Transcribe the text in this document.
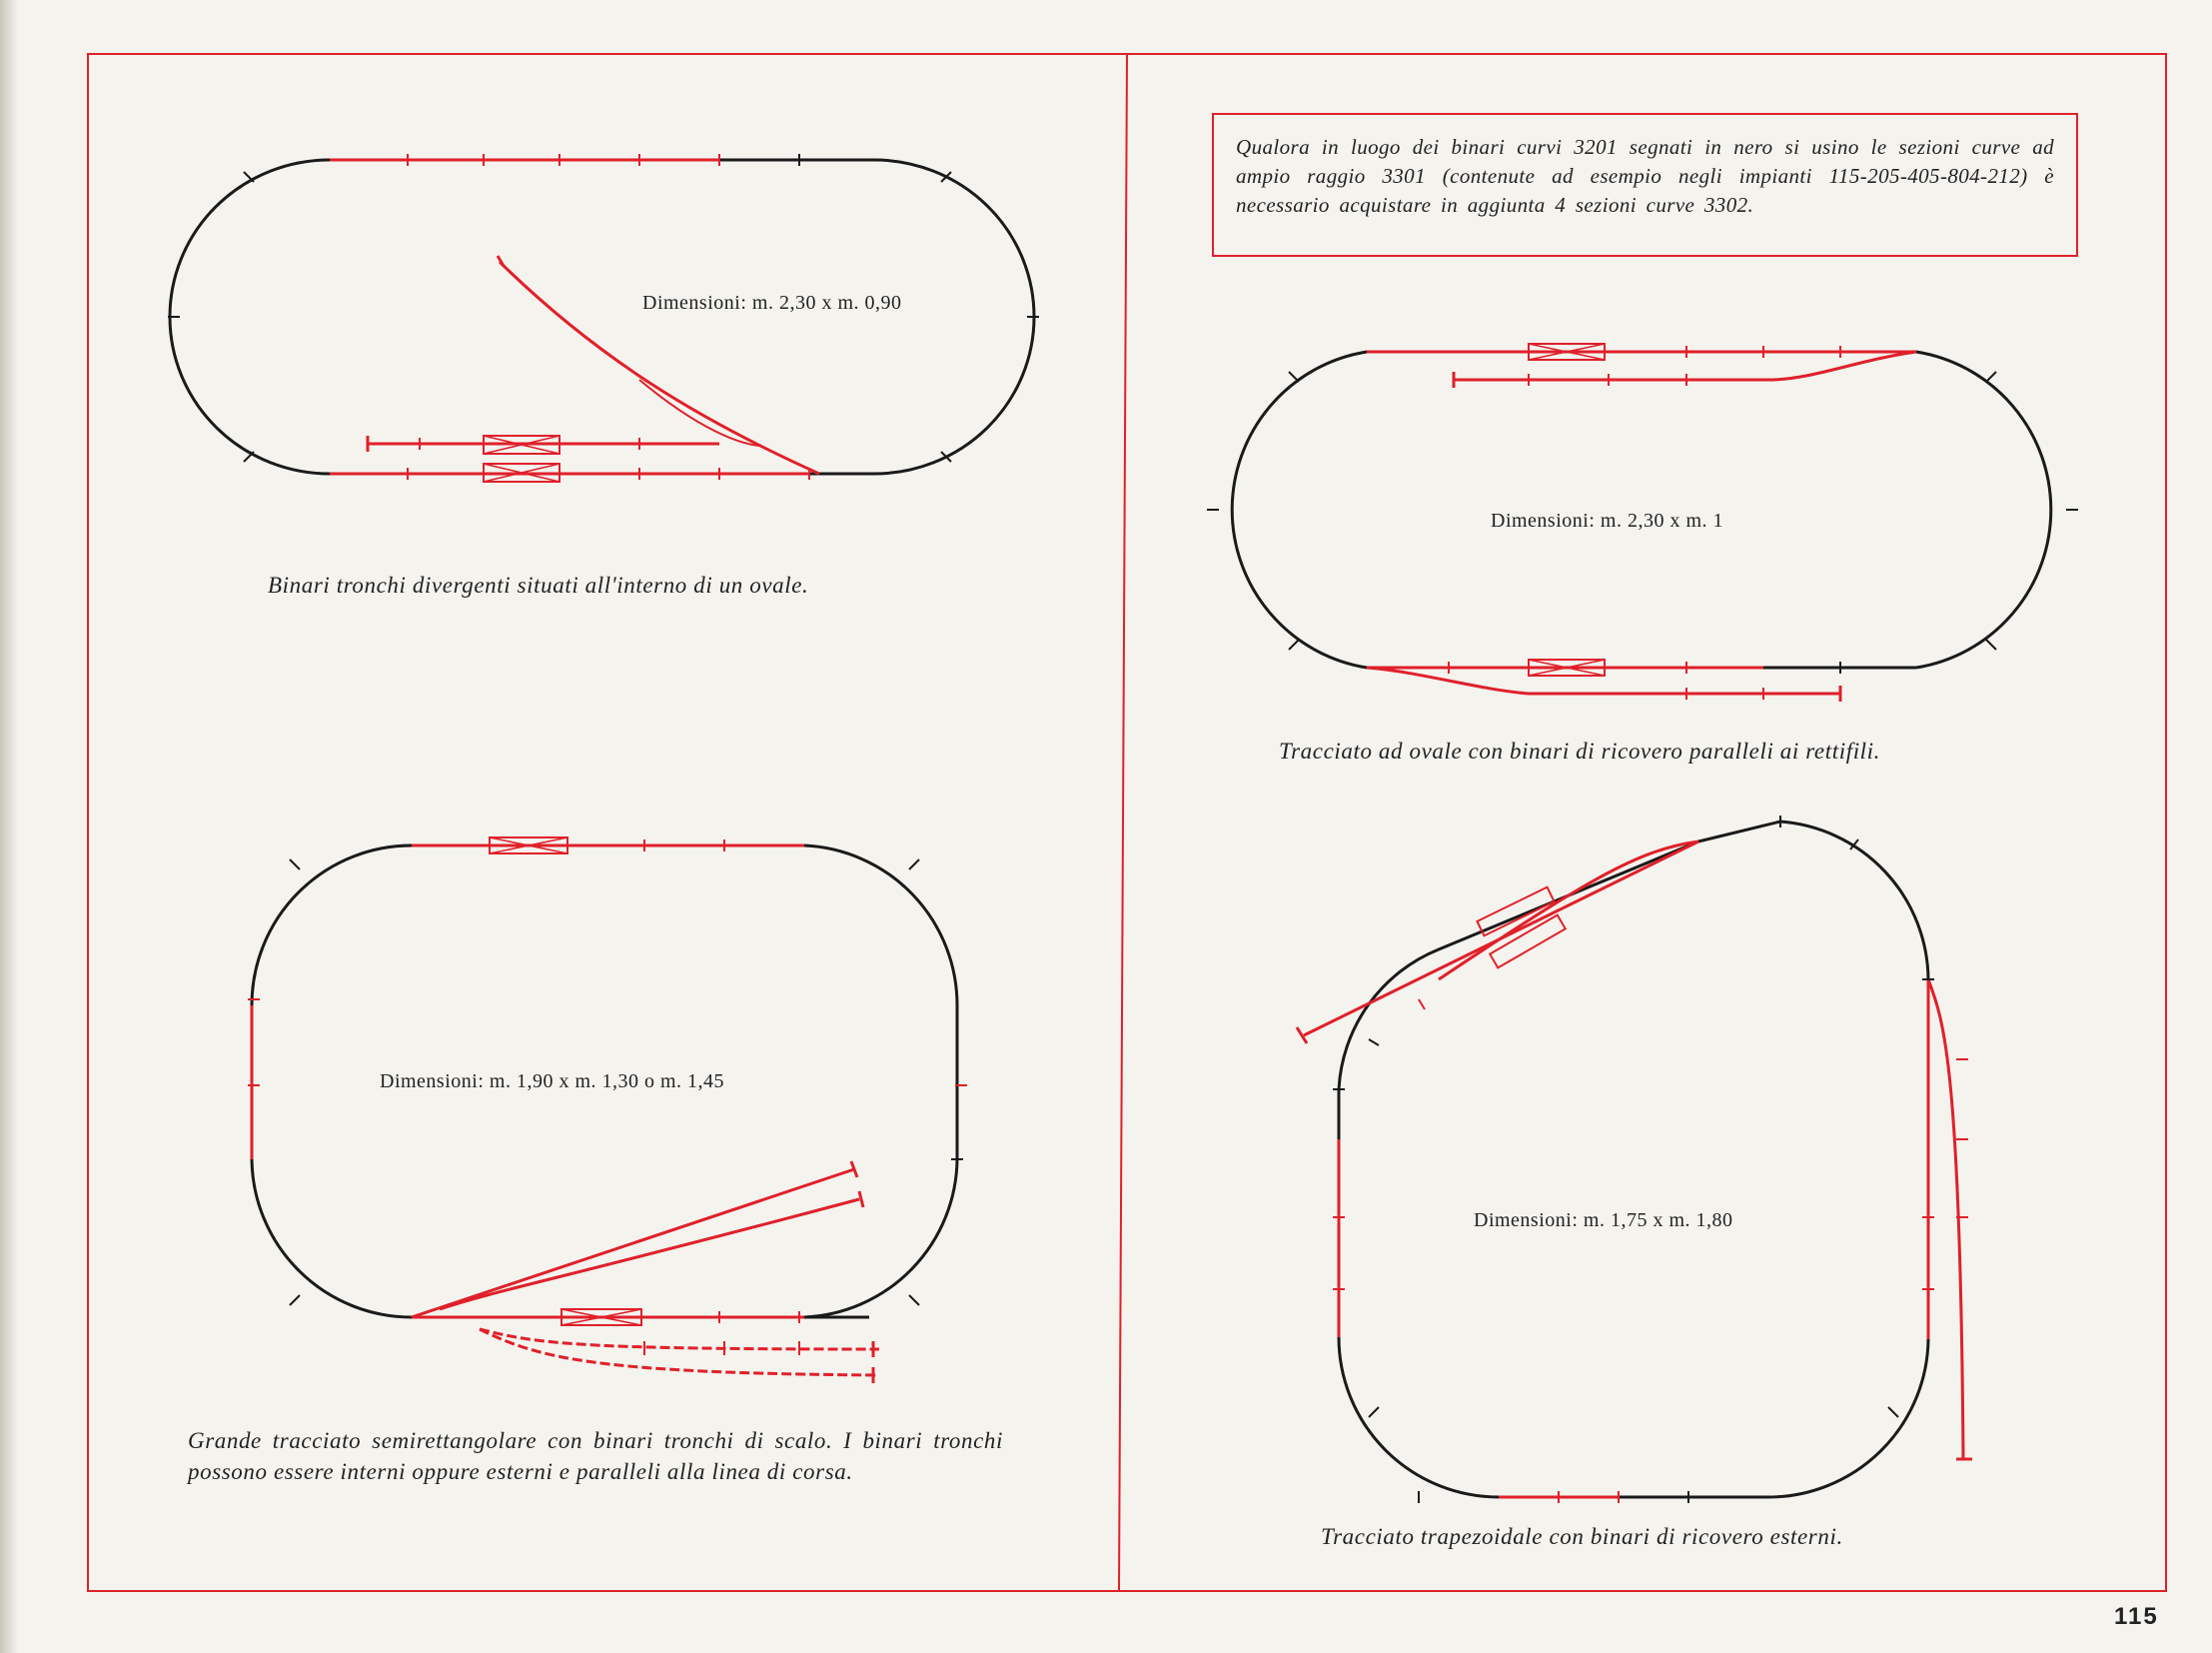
Qualora in luogo dei binari curvi 3201 segnati in nero si usino le sezioni curve ad ampio raggio 3301 (contenute ad esempio negli impianti 115-205-405-804-212) è necessario acquistare in aggiunta 4 sezioni curve 3302.
Dimensioni: m. 2,30 x m. 0,90
Dimensioni: m. 1,90 x m. 1,30 o m. 1,45
Dimensioni: m. 2,30 x m. 1
Dimensioni: m. 1,75 x m. 1,80
Binari tronchi divergenti situati all'interno di un ovale.
Grande tracciato semirettangolare con binari tronchi di scalo. I binari tronchi possono essere interni oppure esterni e paralleli alla linea di corsa.
Tracciato ad ovale con binari di ricovero paralleli ai rettifili.
Tracciato trapezoidale con binari di ricovero esterni.
115
